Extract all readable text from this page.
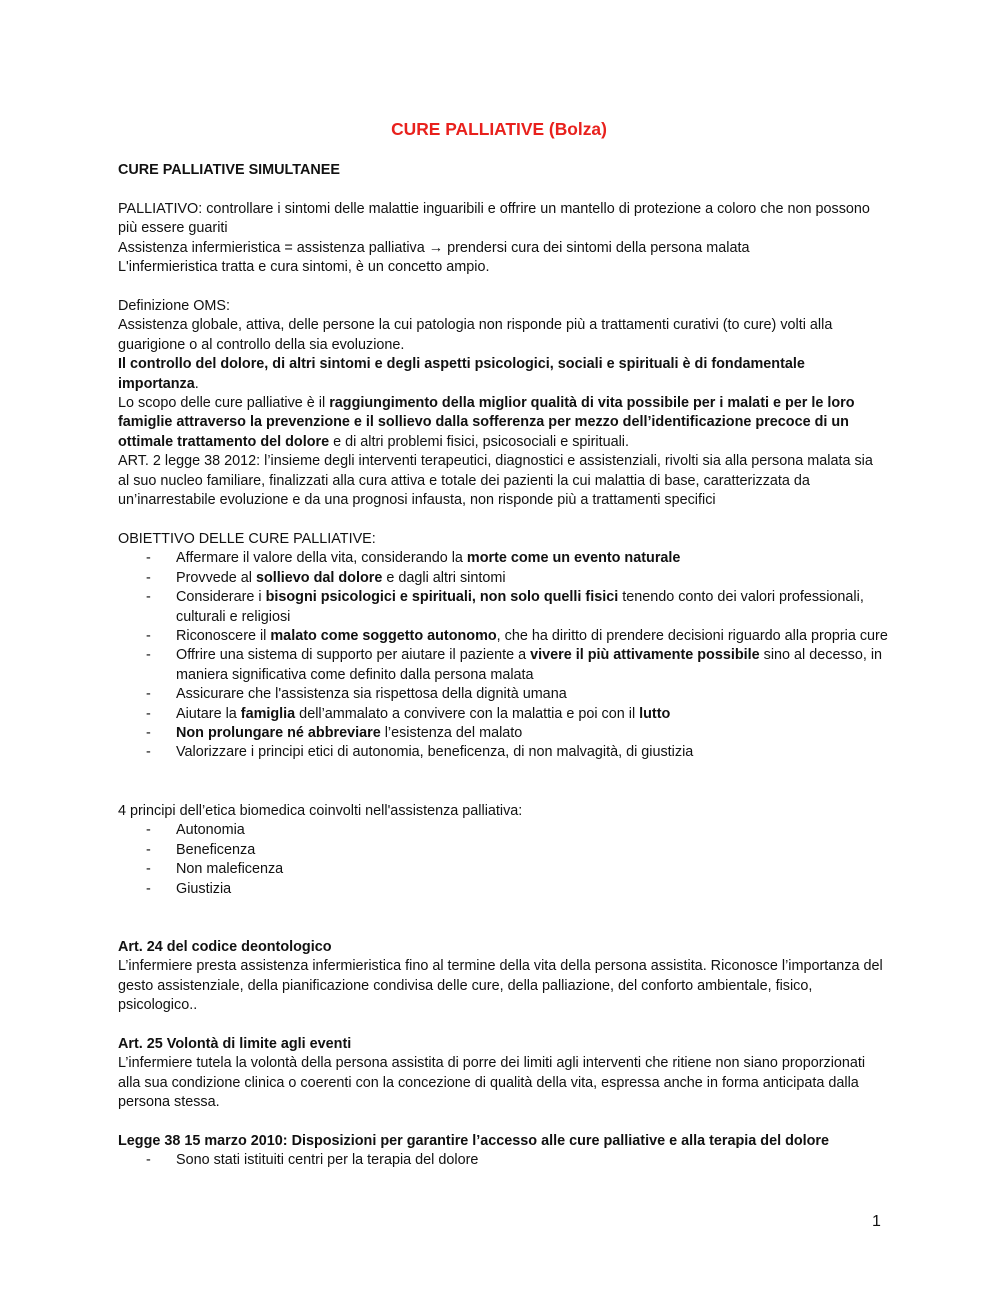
CURE PALLIATIVE (Bolza)
CURE PALLIATIVE SIMULTANEE

PALLIATIVO: controllare i sintomi delle malattie inguaribili e offrire un mantello di protezione a coloro che non possono più essere guariti

Assistenza infermieristica = assistenza palliativa → prendersi cura dei sintomi della persona malata

L'infermieristica tratta e cura sintomi, è un concetto ampio.

Definizione OMS:

Assistenza globale, attiva, delle persone la cui patologia non risponde più a trattamenti curativi (to cure) volti alla guarigione o al controllo della sia evoluzione.

Il controllo del dolore, di altri sintomi e degli aspetti psicologici, sociali e spirituali è di fondamentale importanza.

Lo scopo delle cure palliative è il raggiungimento della miglior qualità di vita possibile per i malati e per le loro famiglie attraverso la prevenzione e il sollievo dalla sofferenza per mezzo dell’identificazione precoce di un ottimale trattamento del dolore e di altri problemi fisici, psicosociali e spirituali.

ART. 2 legge 38 2012: l’insieme degli interventi terapeutici, diagnostici e assistenziali, rivolti sia alla persona malata sia al suo nucleo familiare, finalizzati alla cura attiva e totale dei pazienti la cui malattia di base, caratterizzata da un’inarrestabile evoluzione e da una prognosi infausta, non risponde più a trattamenti specifici

OBIETTIVO DELLE CURE PALLIATIVE:

- Affermare il valore della vita, considerando la morte come un evento naturale
- Provvede al sollievo dal dolore e dagli altri sintomi
- Considerare i bisogni psicologici e spirituali, non solo quelli fisici tenendo conto dei valori professionali, culturali e religiosi
- Riconoscere il malato come soggetto autonomo, che ha diritto di prendere decisioni riguardo alla propria cure
- Offrire una sistema di supporto per aiutare il paziente a vivere il più attivamente possibile sino al decesso, in maniera significativa come definito dalla persona malata
- Assicurare che l'assistenza sia rispettosa della dignità umana
- Aiutare la famiglia dell’ammalato a convivere con la malattia e poi con il lutto
- Non prolungare né abbreviare l’esistenza del malato
- Valorizzare i principi etici di autonomia, beneficenza, di non malvagità, di giustizia

4 principi dell’etica biomedica coinvolti nell'assistenza palliativa:

- Autonomia
- Beneficenza
- Non maleficenza
- Giustizia

Art. 24 del codice deontologico

L’infermiere presta assistenza infermieristica fino al termine della vita della persona assistita. Riconosce l’importanza del gesto assistenziale, della pianificazione condivisa delle cure, della palliazione, del conforto ambientale, fisico, psicologico..

Art. 25 Volontà di limite agli eventi

L’infermiere tutela la volontà della persona assistita di porre dei limiti agli interventi che ritiene non siano proporzionati alla sua condizione clinica o coerenti con la concezione di qualità della vita, espressa anche in forma anticipata dalla persona stessa.

Legge 38 15 marzo 2010: Disposizioni per garantire l’accesso alle cure palliative e alla terapia del dolore

- Sono stati istituiti centri per la terapia del dolore
1
